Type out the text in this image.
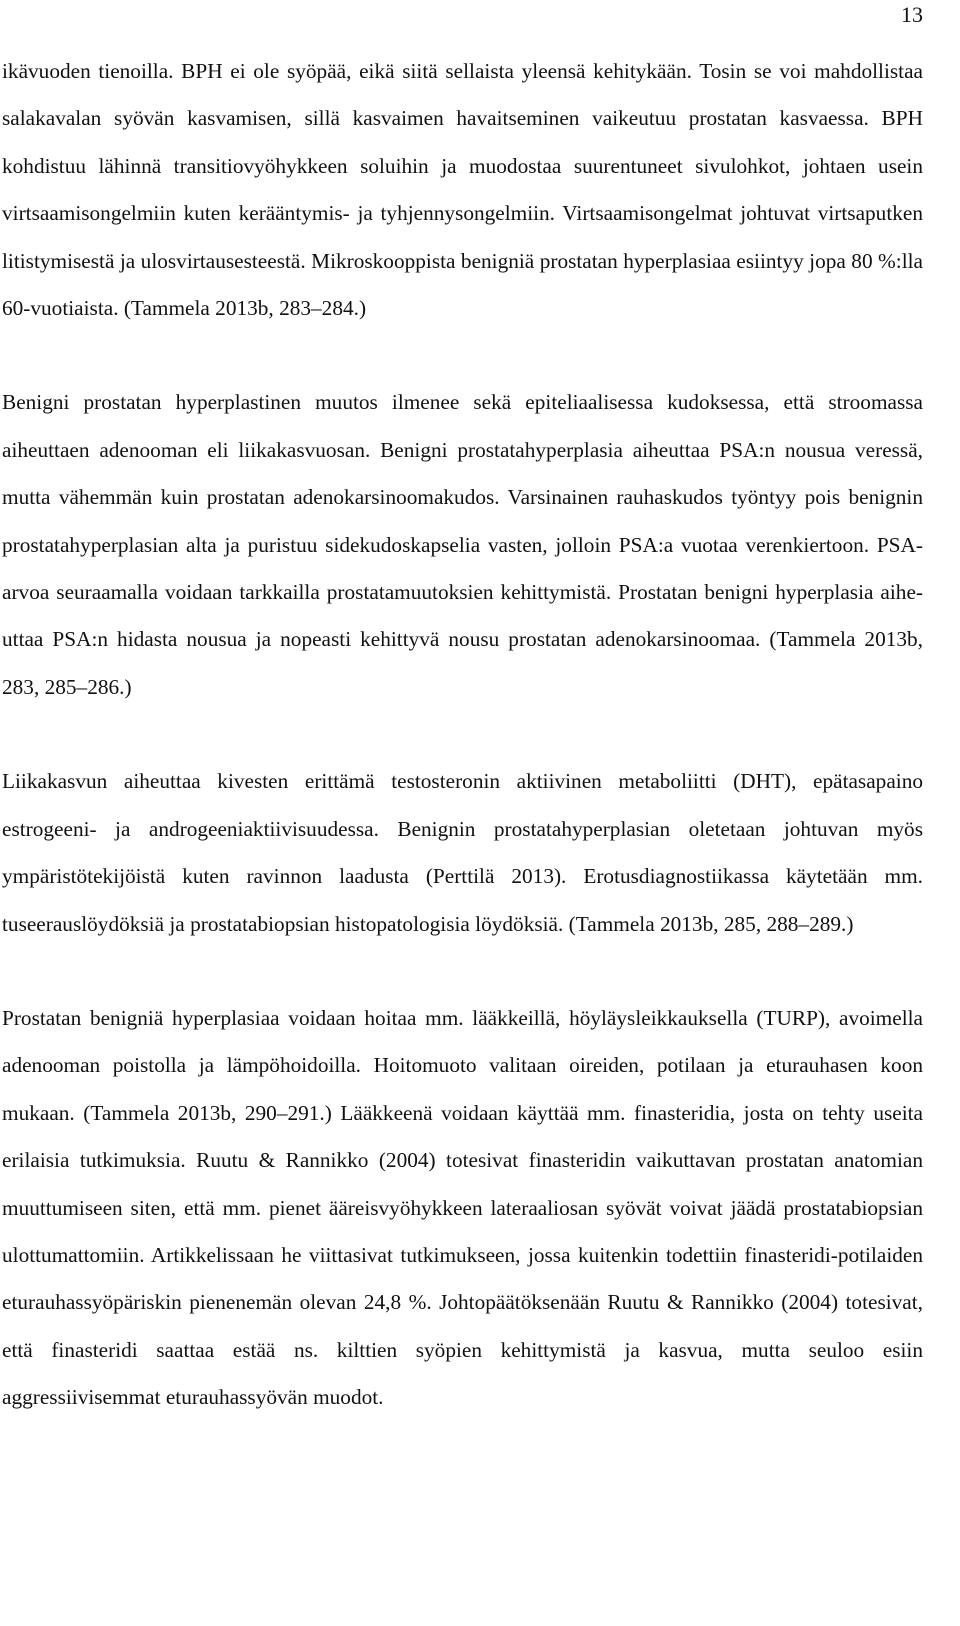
13

ikävuoden tienoilla. BPH ei ole syöpää, eikä siitä sellaista yleensä kehitykään. Tosin se voi mahdollistaa salakavalan syövän kasvamisen, sillä kasvaimen havaitseminen vaikeutuu prostatan kasvaessa. BPH kohdistuu lähinnä transitiovyöhykkeen soluihin ja muodostaa suurentuneet sivulohkot, johtaen usein virtsaamisongelmiin kuten kerääntymis- ja tyhjennysongelmiin. Virtsaamisongelmat johtuvat virtsaputken litistymisestä ja ulosvirtausesteestä. Mikroskooppista benigniä prostatan hyperplasiaa esiintyy jopa 80 %:lla 60-vuotiaista. (Tammela 2013b, 283–284.)

Benigni prostatan hyperplastinen muutos ilmenee sekä epiteliaalisessa kudoksessa, että stroomassa aiheuttaen adenooman eli liikakasvuosan. Benigni prostatahyperplasia aiheuttaa PSA:n nousua veressä, mutta vähemmän kuin prostatan adenokarsinoomakudos. Varsinainen rauhaskudos työntyy pois benignin prostatahyperplasian alta ja puristuu sidekudoskapselia vasten, jolloin PSA:a vuotaa verenkiertoon. PSA-arvoa seuraamalla voidaan tarkkailla prostatamuutoksien kehittymistä. Prostatan benigni hyperplasia aiheuttaa PSA:n hidasta nousua ja nopeasti kehittyvä nousu prostatan adenokarsinoomaa. (Tammela 2013b, 283, 285–286.)

Liikakasvun aiheuttaa kivesten erittämä testosteronin aktiivinen metaboliitti (DHT), epätasapaino estrogeeni- ja androgeeniaktiivisuudessa. Benignin prostatahyperplasian oletetaan johtuvan myös ympäristötekijöistä kuten ravinnon laadusta (Perttilä 2013). Erotusdiagnostiikassa käytetään mm. tuseerauslöydöksiä ja prostatabiopsian histopatologisia löydöksiä. (Tammela 2013b, 285, 288–289.)

Prostatan benigniä hyperplasiaa voidaan hoitaa mm. lääkkeillä, höyläysleikkauksella (TURP), avoimella adenooman poistolla ja lämpöhoidoilla. Hoitomuoto valitaan oireiden, potilaan ja eturauhasen koon mukaan. (Tammela 2013b, 290–291.) Lääkkeenä voidaan käyttää mm. finasteridia, josta on tehty useita erilaisia tutkimuksia. Ruutu & Rannikko (2004) totesivat finasteridin vaikuttavan prostatan anatomian muuttumiseen siten, että mm. pienet ääreisvyöhykkeen lateraaliosan syövät voivat jäädä prostatabiopsian ulottumattomiin. Artikkelissaan he viittasivat tutkimukseen, jossa kuitenkin todettiin finasteridi-potilaiden eturauhassyöpäriskin pienenemän olevan 24,8 %. Johtopäätöksenään Ruutu & Rannikko (2004) totesivat, että finasteridi saattaa estää ns. kilttien syöpien kehittymistä ja kasvua, mutta seuloo esiin aggressiivisemmat eturauhassyövän muodot.
